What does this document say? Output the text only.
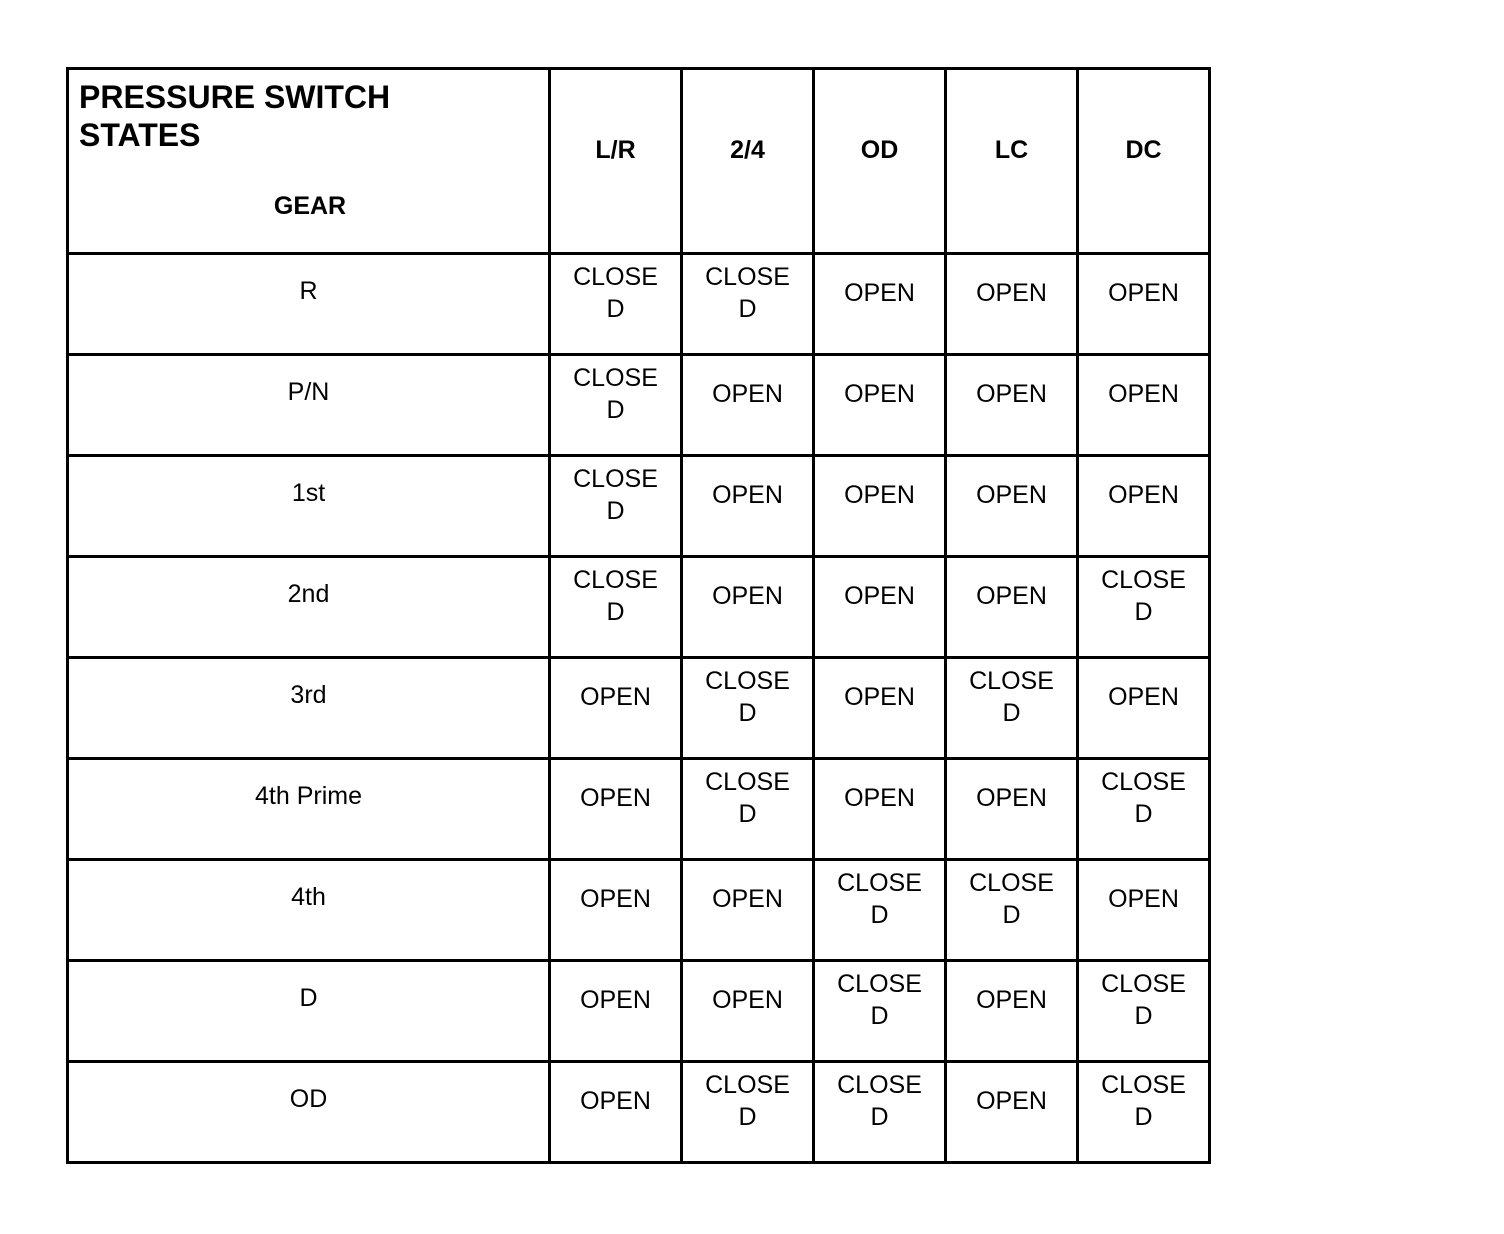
PRESSURE SWITCH STATES
GEAR	L/R	2/4	OD	LC	DC
R	CLOSED	CLOSED	OPEN	OPEN	OPEN

P/N	CLOSED	OPEN	OPEN	OPEN	OPEN

1st	CLOSED	OPEN	OPEN	OPEN	OPEN

2nd	CLOSED	OPEN	OPEN	OPEN	CLOSED

3rd	OPEN	CLOSED	OPEN	CLOSED	OPEN

4th Prime	OPEN	CLOSED	OPEN	OPEN	CLOSED

4th	OPEN	OPEN	CLOSED	CLOSED	OPEN

D	OPEN	OPEN	CLOSED	OPEN	CLOSED

OD	OPEN	CLOSED	CLOSED	OPEN	CLOSED
